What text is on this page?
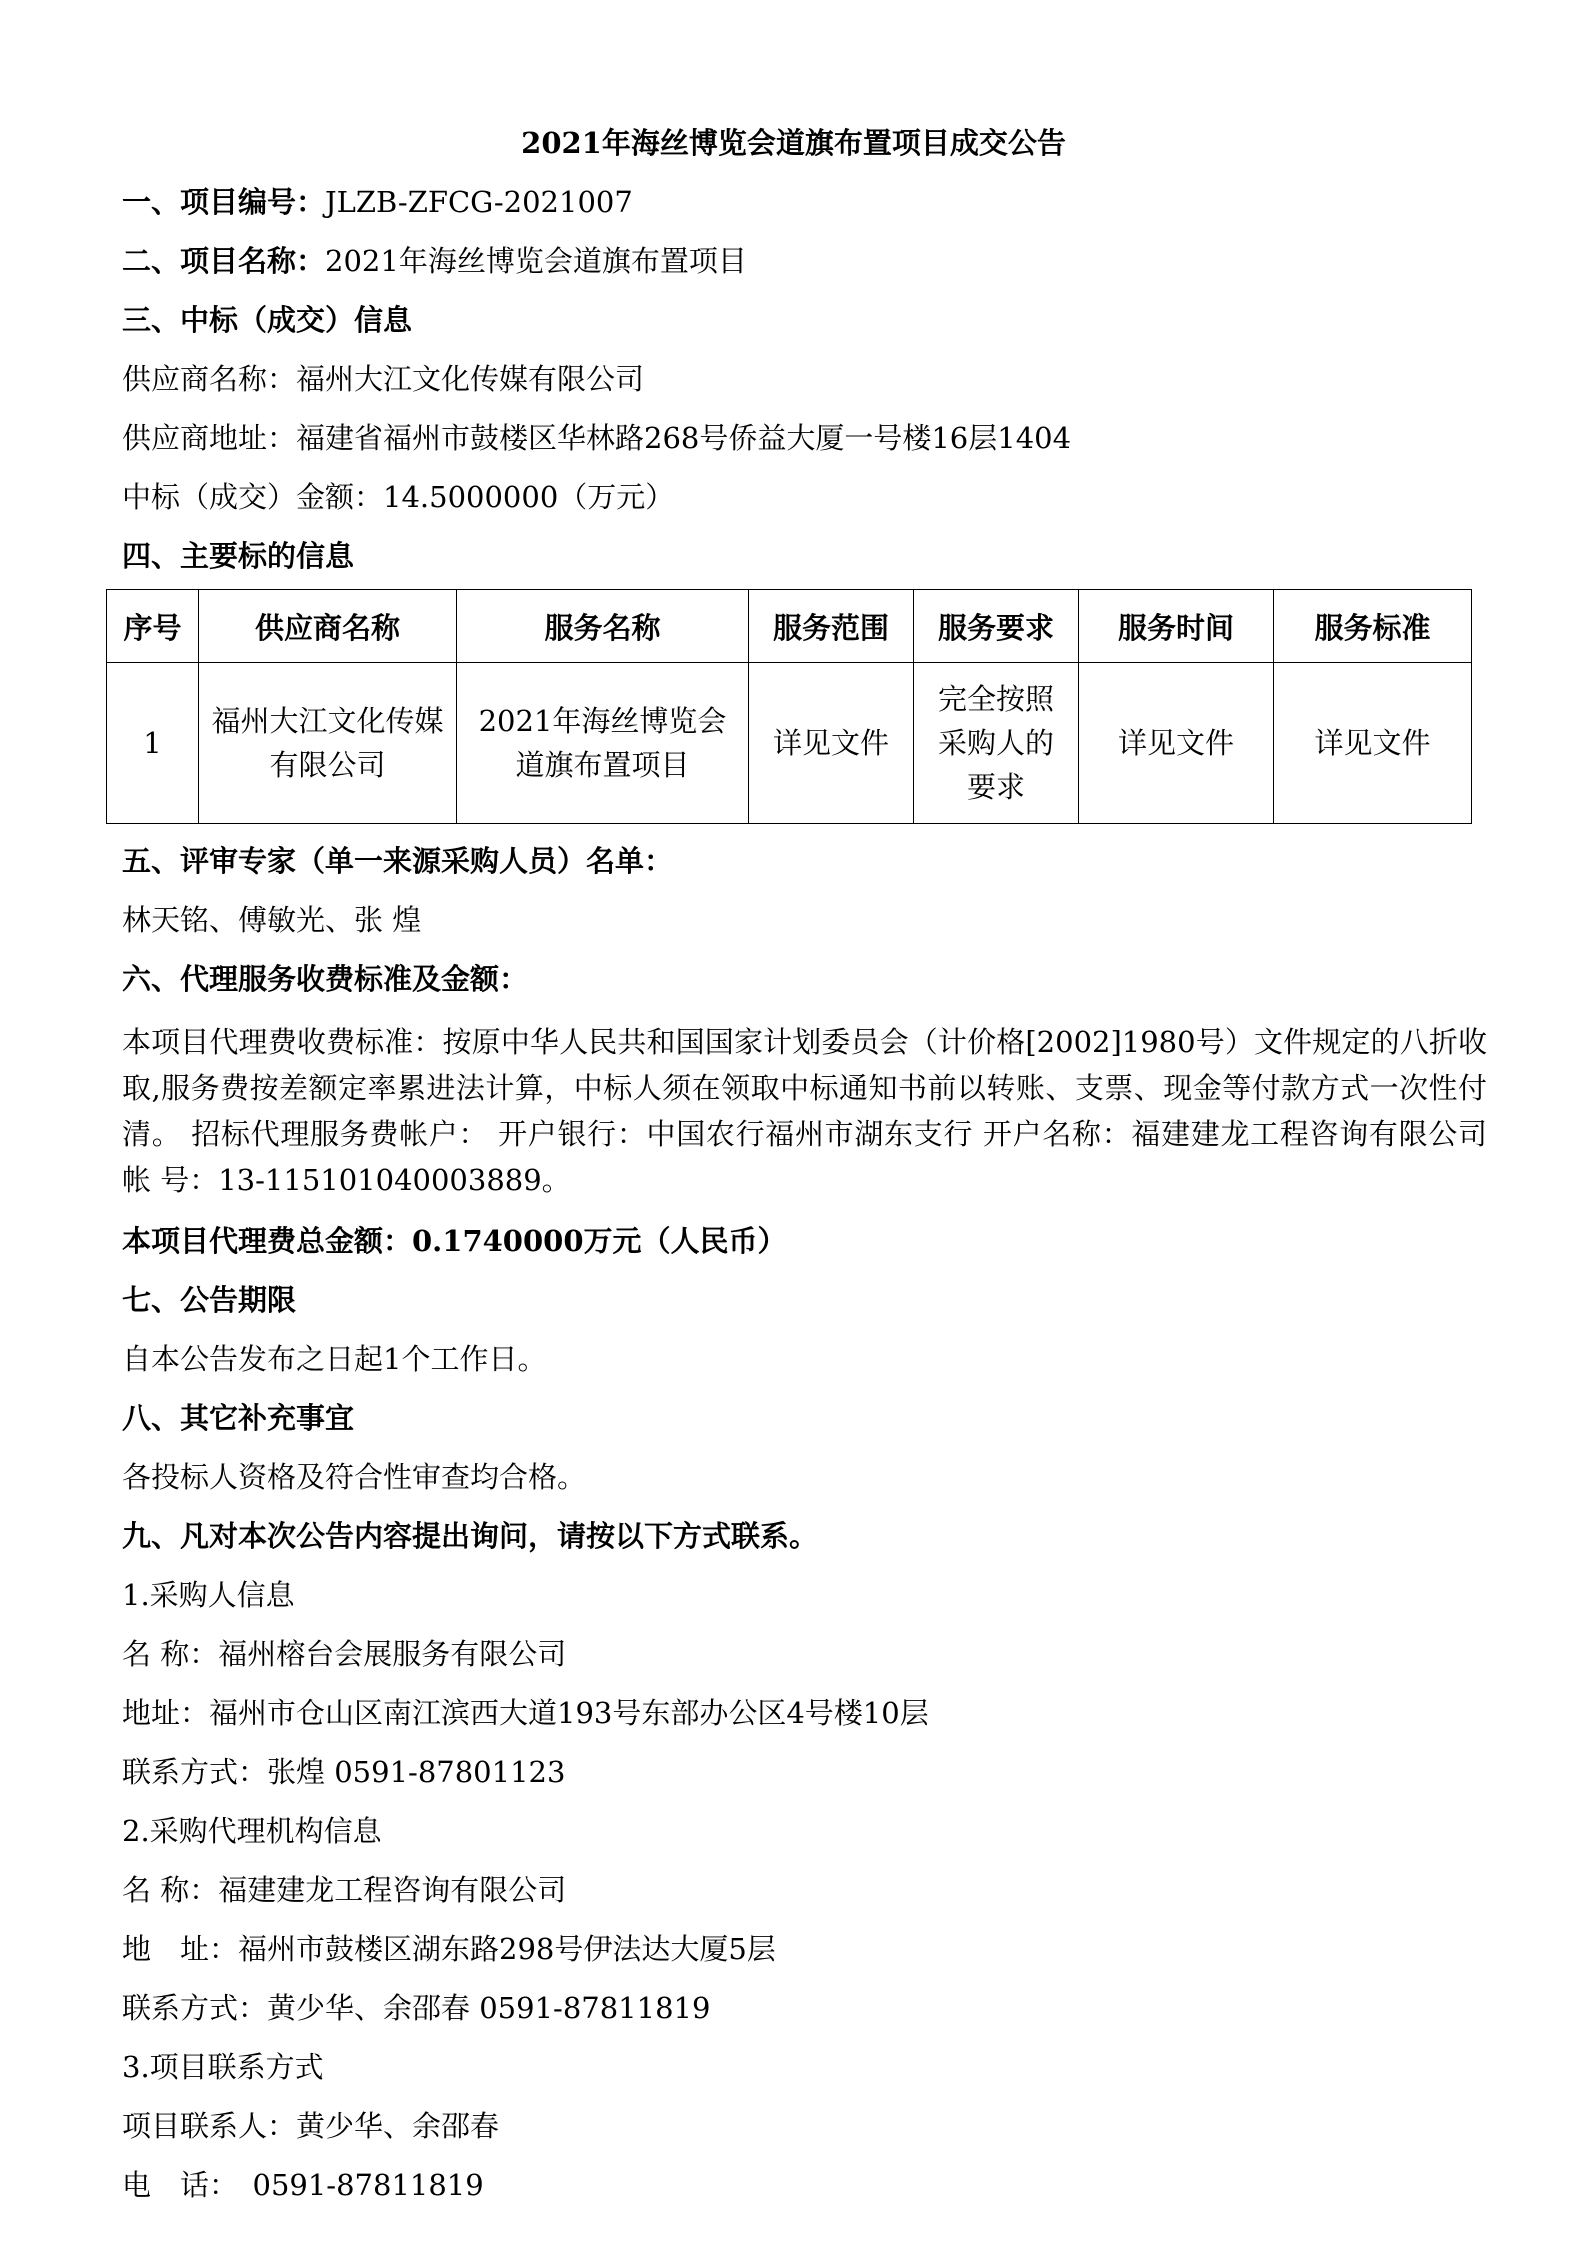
2021年海丝博览会道旗布置项目成交公告
一、项目编号：JLZB-ZFCG-2021007
二、项目名称：2021年海丝博览会道旗布置项目
三、中标（成交）信息
供应商名称：福州大江文化传媒有限公司
供应商地址：福建省福州市鼓楼区华林路268号侨益大厦一号楼16层1404
中标（成交）金额：14.5000000（万元）
四、主要标的信息
序号	供应商名称	服务名称	服务范围	服务要求	服务时间	服务标准
1	福州大江文化传媒有限公司	2021年海丝博览会道旗布置项目	详见文件	完全按照采购人的要求	详见文件	详见文件
五、评审专家（单一来源采购人员）名单：
林天铭、傅敏光、张 煌
六、代理服务收费标准及金额：
本项目代理费收费标准：按原中华人民共和国国家计划委员会（计价格[2002]1980号）文件规定的八折收取,服务费按差额定率累进法计算，中标人须在领取中标通知书前以转账、支票、现金等付款方式一次性付清。 招标代理服务费帐户： 开户银行：中国农行福州市湖东支行 开户名称：福建建龙工程咨询有限公司 帐 号：13-115101040003889。
本项目代理费总金额：0.1740000万元（人民币）
七、公告期限
自本公告发布之日起1个工作日。
八、其它补充事宜
各投标人资格及符合性审查均合格。
九、凡对本次公告内容提出询问，请按以下方式联系。
1.采购人信息
名 称：福州榕台会展服务有限公司
地址：福州市仓山区南江滨西大道193号东部办公区4号楼10层
联系方式：张煌 0591-87801123
2.采购代理机构信息
名 称：福建建龙工程咨询有限公司
地　址：福州市鼓楼区湖东路298号伊法达大厦5层
联系方式：黄少华、余邵春 0591-87811819
3.项目联系方式
项目联系人：黄少华、余邵春
电　话：　0591-87811819
